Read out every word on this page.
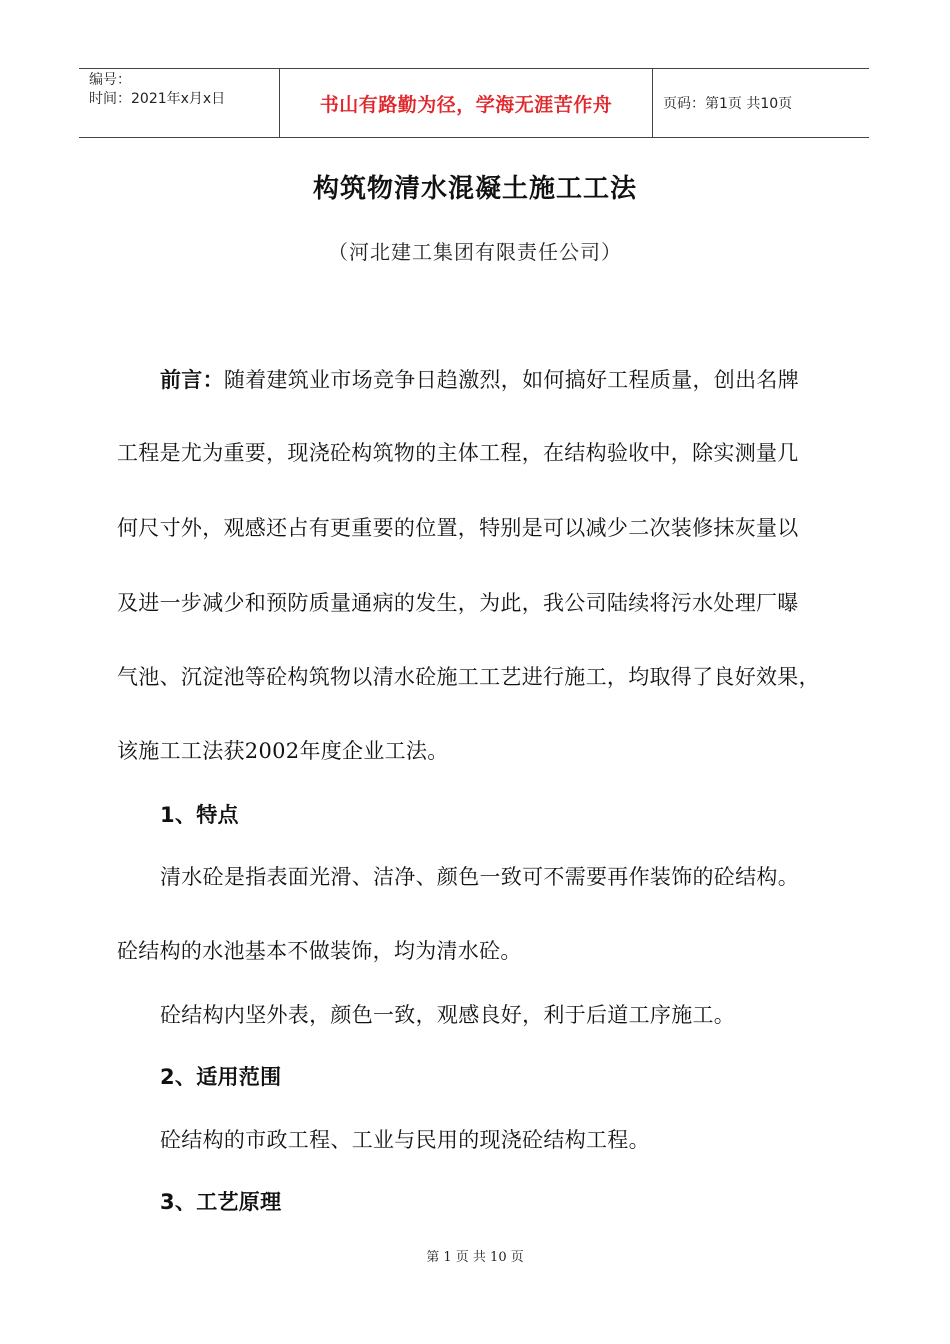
编号：
时间：2021年x月x日	书山有路勤为径，学海无涯苦作舟	页码：第1页 共10页
构筑物清水混凝土施工工法
（河北建工集团有限责任公司）
前言：随着建筑业市场竞争日趋激烈，如何搞好工程质量，创出名牌
工程是尤为重要，现浇砼构筑物的主体工程，在结构验收中，除实测量几
何尺寸外，观感还占有更重要的位置，特别是可以减少二次装修抹灰量以
及进一步减少和预防质量通病的发生，为此，我公司陆续将污水处理厂曝
气池、沉淀池等砼构筑物以清水砼施工工艺进行施工，均取得了良好效果，
该施工工法获2002年度企业工法。
1、特点
清水砼是指表面光滑、洁净、颜色一致可不需要再作装饰的砼结构。
砼结构的水池基本不做装饰，均为清水砼。
砼结构内坚外表，颜色一致，观感良好，利于后道工序施工。
2、适用范围
砼结构的市政工程、工业与民用的现浇砼结构工程。
3、工艺原理
第 1 页 共 10 页
